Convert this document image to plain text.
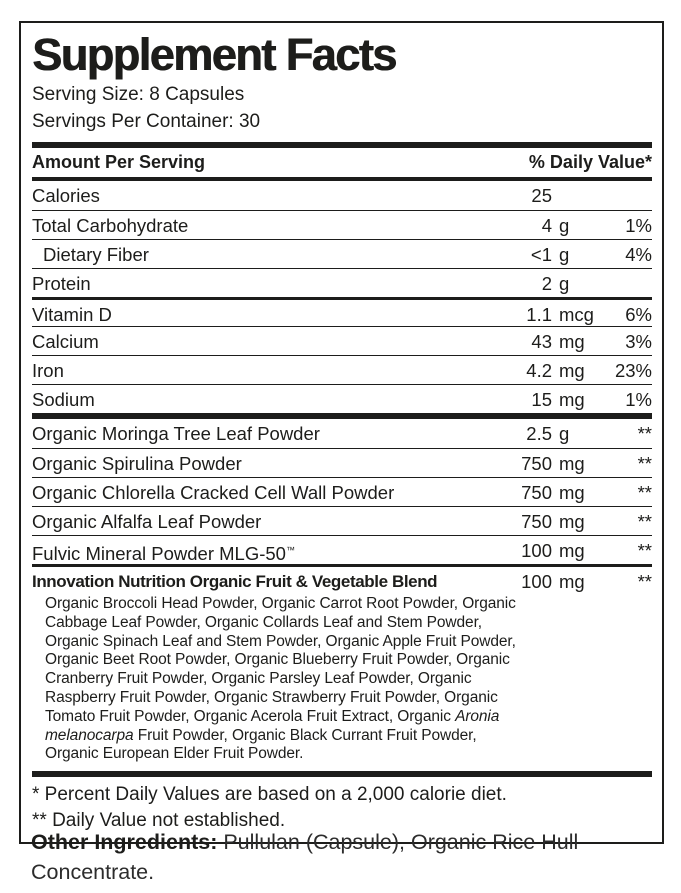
Supplement Facts
Serving Size: 8 Capsules
Servings Per Container: 30
Amount Per Serving	% Daily Value*
Calories	25
Total Carbohydrate	4 g	1%
Dietary Fiber	<1 g	4%
Protein	2 g
Vitamin D	1.1 mcg	6%
Calcium	43 mg	3%
Iron	4.2 mg	23%
Sodium	15 mg	1%
Organic Moringa Tree Leaf Powder	2.5 g	**
Organic Spirulina Powder	750 mg	**
Organic Chlorella Cracked Cell Wall Powder	750 mg	**
Organic Alfalfa Leaf Powder	750 mg	**
Fulvic Mineral Powder MLG-50™	100 mg	**
Innovation Nutrition Organic Fruit & Vegetable Blend	100 mg	**
Organic Broccoli Head Powder, Organic Carrot Root Powder, Organic Cabbage Leaf Powder, Organic Collards Leaf and Stem Powder, Organic Spinach Leaf and Stem Powder, Organic Apple Fruit Powder, Organic Beet Root Powder, Organic Blueberry Fruit Powder, Organic Cranberry Fruit Powder, Organic Parsley Leaf Powder, Organic Raspberry Fruit Powder, Organic Strawberry Fruit Powder, Organic Tomato Fruit Powder, Organic Acerola Fruit Extract, Organic Aronia melanocarpa Fruit Powder, Organic Black Currant Fruit Powder, Organic European Elder Fruit Powder.
* Percent Daily Values are based on a 2,000 calorie diet.
** Daily Value not established.

Other Ingredients: Pullulan (Capsule), Organic Rice Hull Concentrate.
